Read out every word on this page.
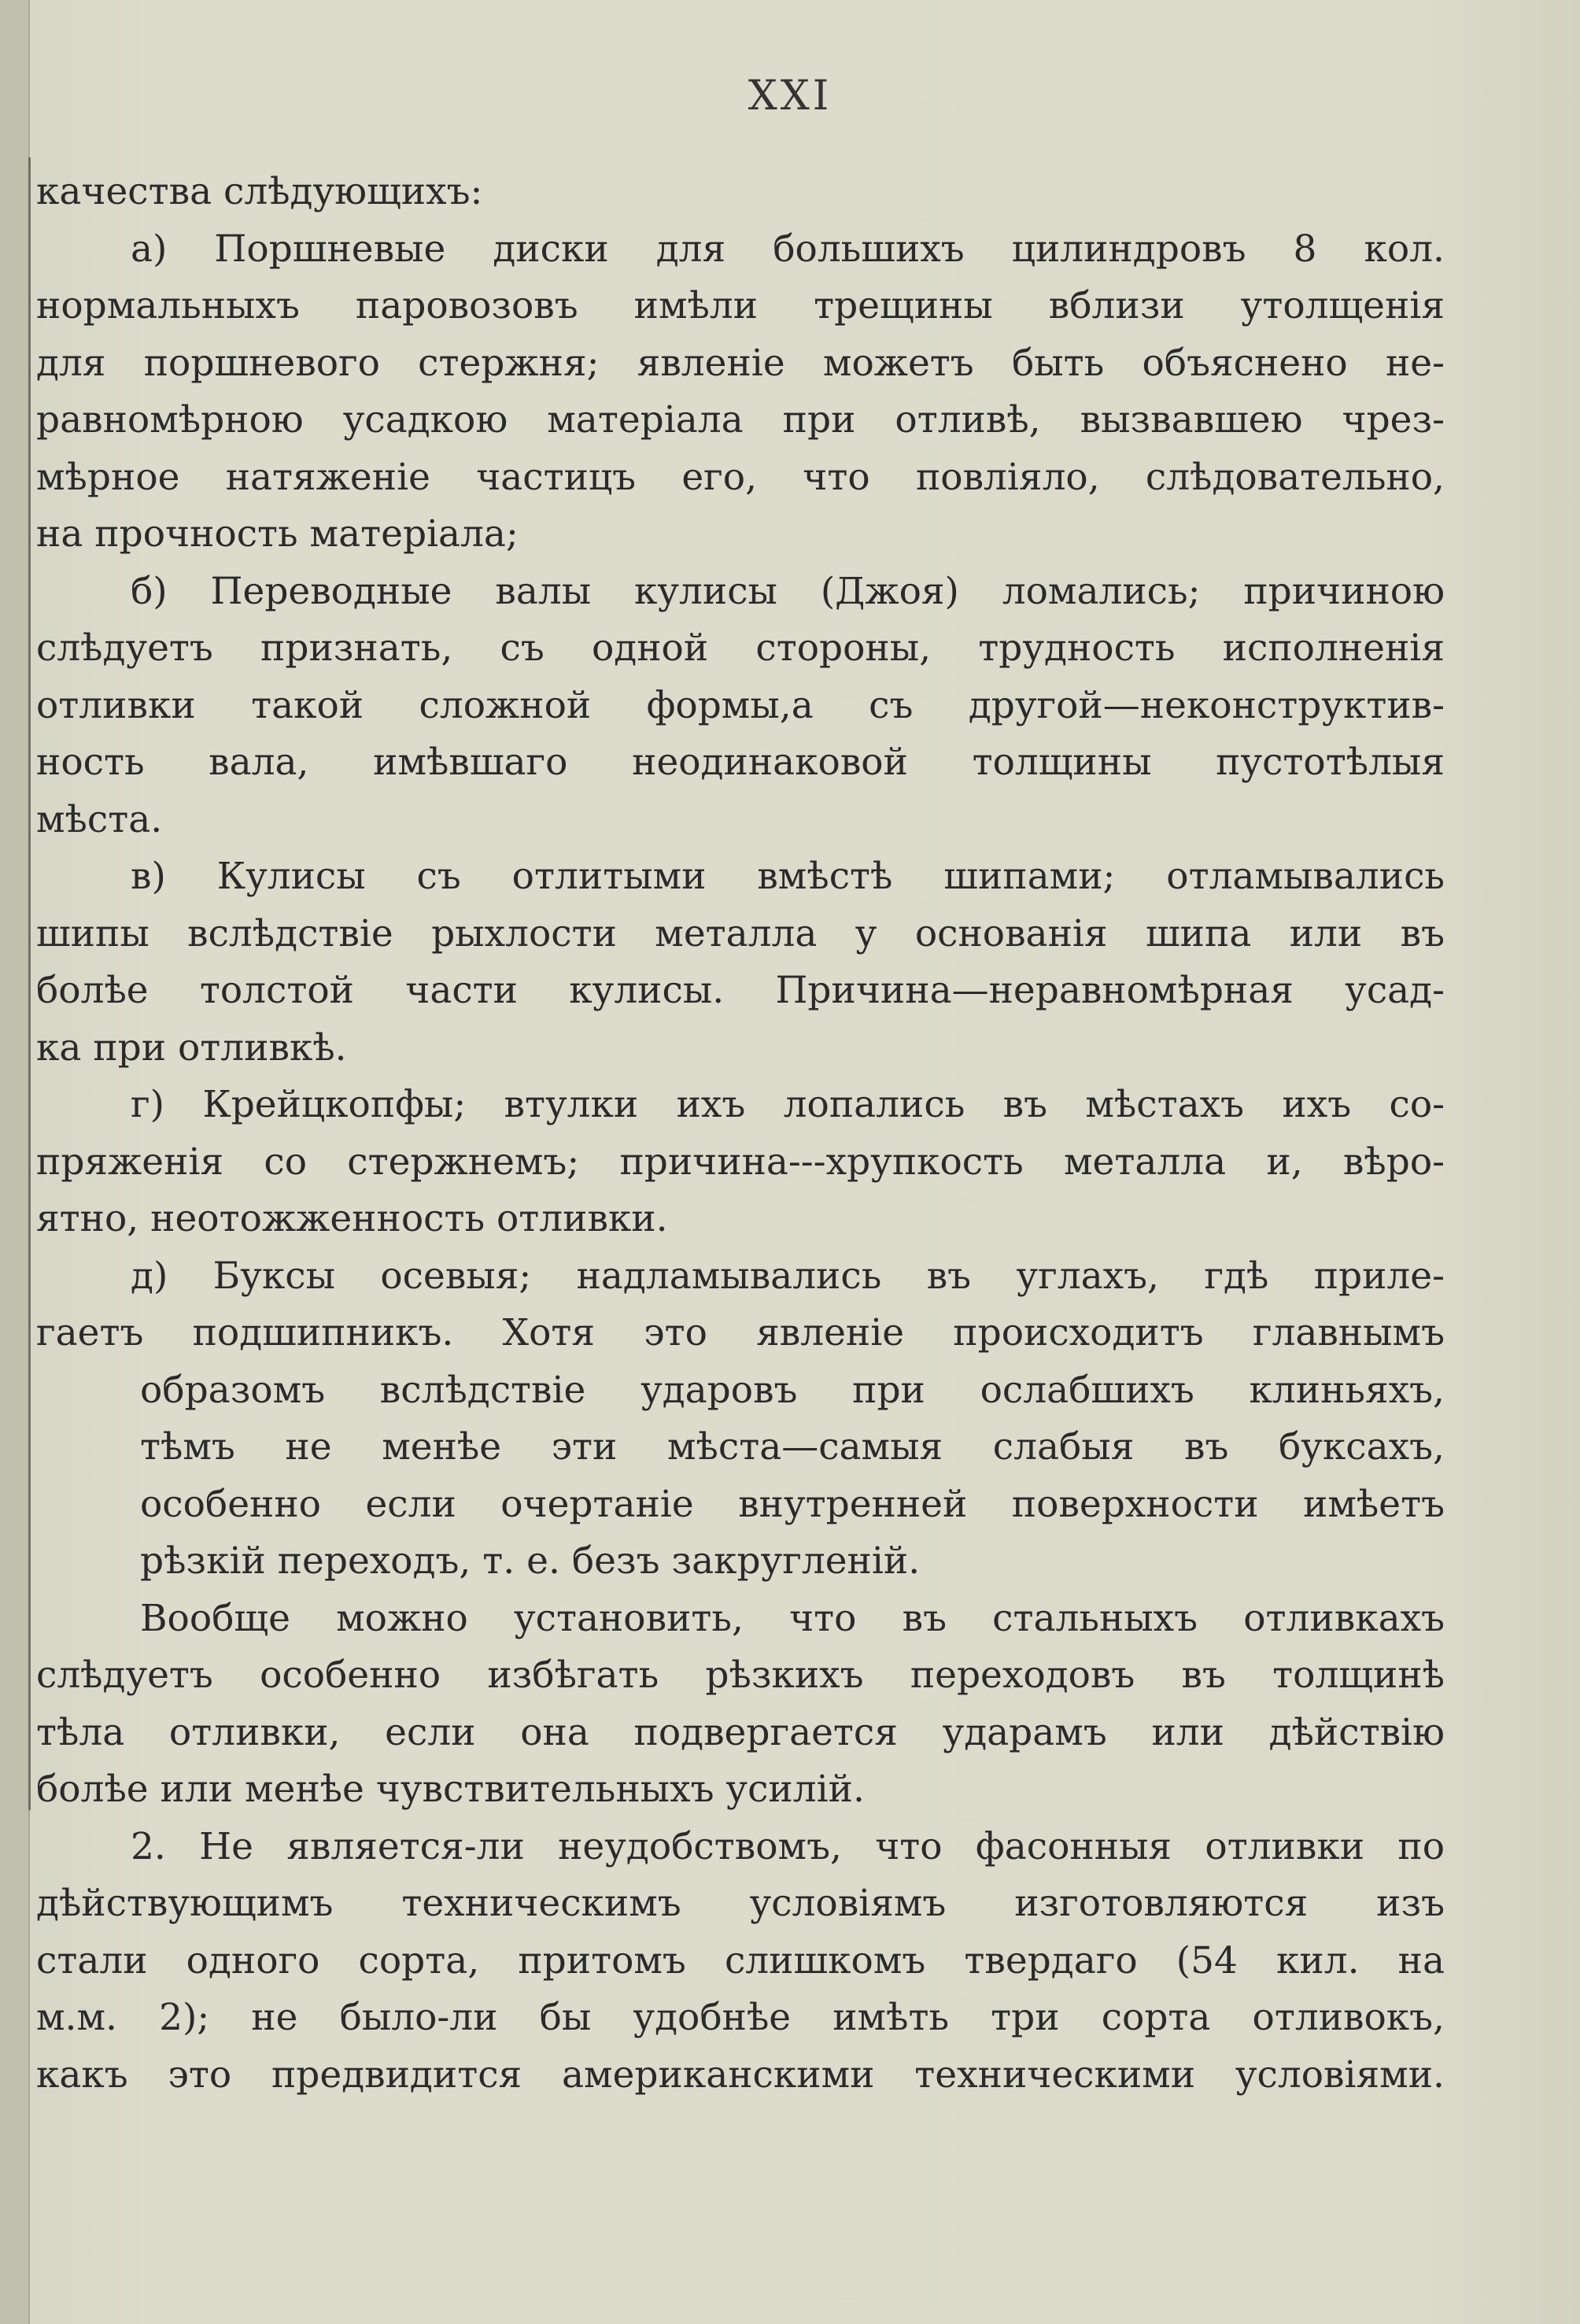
XXI
качества слѣдующихъ:
а) Поршневые диски для большихъ цилиндровъ 8 кол.
нормальныхъ паровозовъ имѣли трещины вблизи утолщенія
для поршневого стержня; явленіе можетъ быть объяснено не-
равномѣрною усадкою матеріала при отливѣ, вызвавшею чрез-
мѣрное натяженіе частицъ его, что повліяло, слѣдовательно,
на прочность матеріала;
б) Переводные валы кулисы (Джоя) ломались; причиною
слѣдуетъ признать, съ одной стороны, трудность исполненія
отливки такой сложной формы,а съ другой—неконструктив-
ность вала, имѣвшаго неодинаковой толщины пустотѣлыя
мѣста.
в) Кулисы съ отлитыми вмѣстѣ шипами; отламывались
шипы вслѣдствіе рыхлости металла у основанія шипа или въ
болѣе толстой части кулисы. Причина—неравномѣрная усад-
ка при отливкѣ.
г) Крейцкопфы; втулки ихъ лопались въ мѣстахъ ихъ со-
пряженія со стержнемъ; причина---хрупкость металла и, вѣро-
ятно, неотожженность отливки.
д) Буксы осевыя; надламывались въ углахъ, гдѣ приле-
гаетъ подшипникъ. Хотя это явленіе происходитъ главнымъ
образомъ вслѣдствіе ударовъ при ослабшихъ клиньяхъ,
тѣмъ не менѣе эти мѣста—самыя слабыя въ буксахъ,
особенно если очертаніе внутренней поверхности имѣетъ
рѣзкій переходъ, т. е. безъ закругленій.
Вообще можно установить, что въ стальныхъ отливкахъ
слѣдуетъ особенно избѣгать рѣзкихъ переходовъ въ толщинѣ
тѣла отливки, если она подвергается ударамъ или дѣйствію
болѣе или менѣе чувствительныхъ усилій.
2. Не является-ли неудобствомъ, что фасонныя отливки по
дѣйствующимъ техническимъ условіямъ изготовляются изъ
стали одного сорта, притомъ слишкомъ твердаго (54 кил. на
м.м. 2); не было-ли бы удобнѣе имѣть три сорта отливокъ,
какъ это предвидится американскими техническими условіями.
